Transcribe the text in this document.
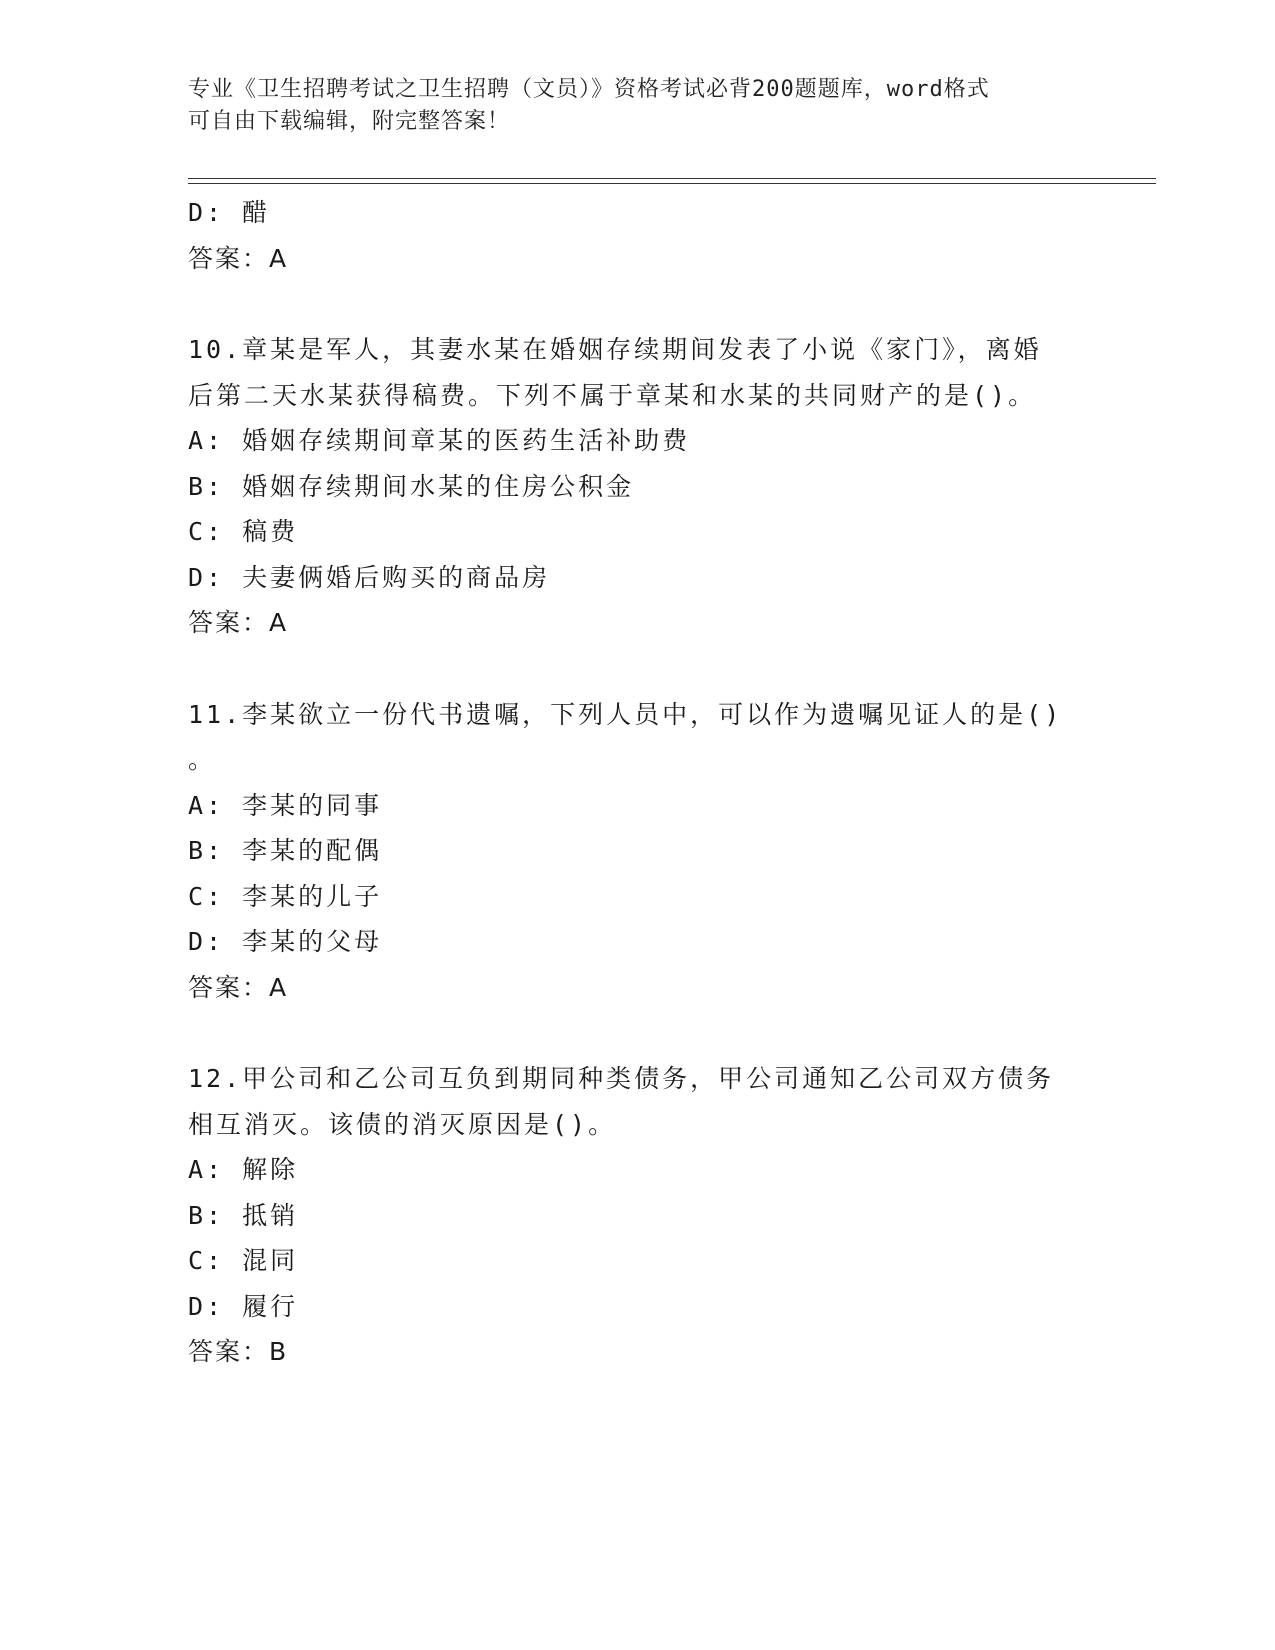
专业《卫生招聘考试之卫生招聘（文员）》资格考试必背200题题库，word格式
可自由下载编辑，附完整答案！
D: 醋
答案：A
10.章某是军人，其妻水某在婚姻存续期间发表了小说《家门》，离婚
后第二天水某获得稿费。下列不属于章某和水某的共同财产的是()。
A: 婚姻存续期间章某的医药生活补助费
B: 婚姻存续期间水某的住房公积金
C: 稿费
D: 夫妻俩婚后购买的商品房
答案：A
11.李某欲立一份代书遗嘱，下列人员中，可以作为遗嘱见证人的是()
。
A: 李某的同事
B: 李某的配偶
C: 李某的儿子
D: 李某的父母
答案：A
12.甲公司和乙公司互负到期同种类债务，甲公司通知乙公司双方债务
相互消灭。该债的消灭原因是()。
A: 解除
B: 抵销
C: 混同
D: 履行
答案：B
